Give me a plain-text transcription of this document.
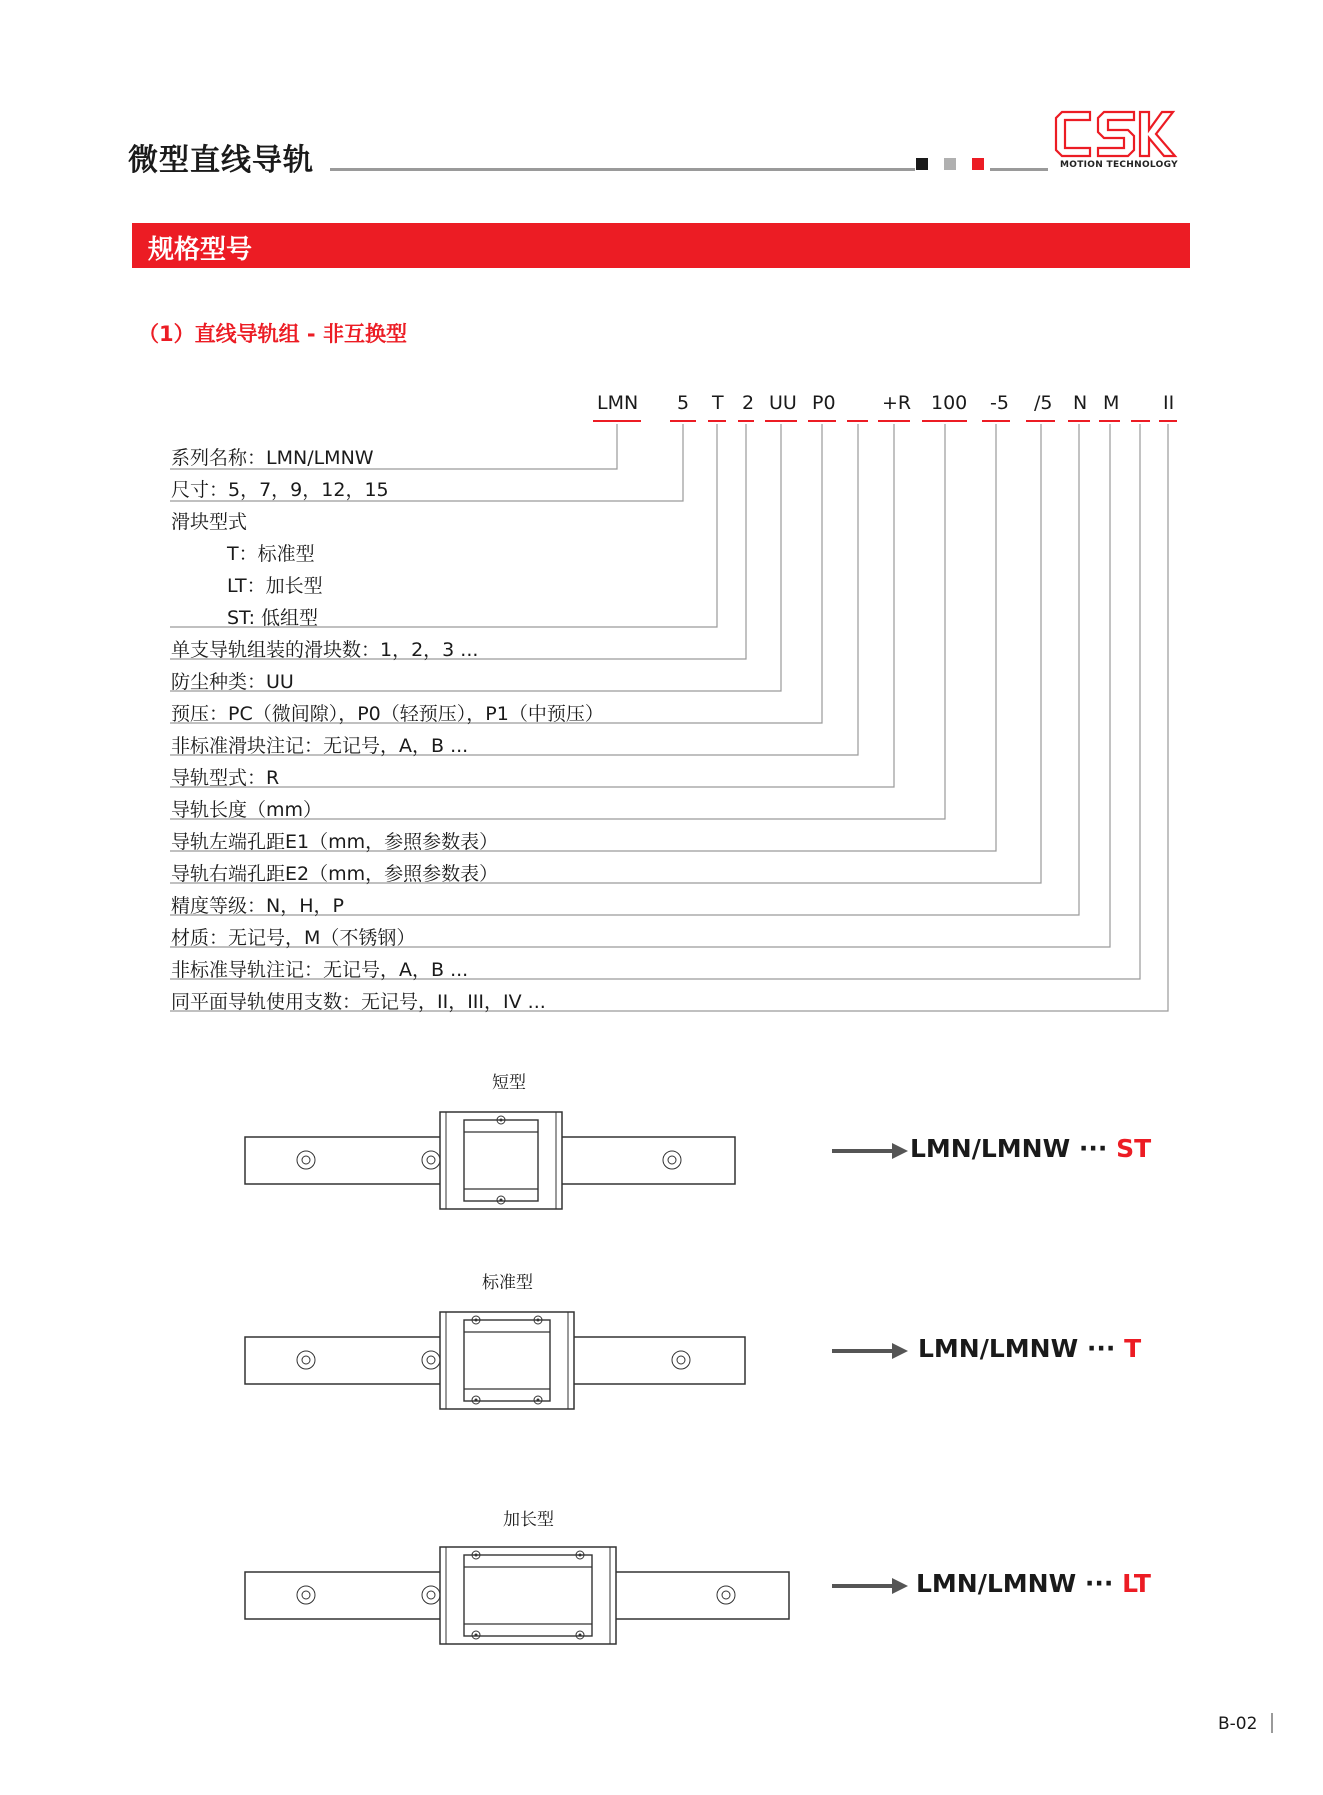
微型直线导轨	MOTION TECHNOLOGY
规格型号
（1）直线导轨组 - 非互换型
LMN 5 T 2 UU P0 +R 100 -5 /5 N M II
系列名称：LMN/LMNW
尺寸：5，7，9，12，15
滑块型式
T：标准型
LT：加长型
ST: 低组型
单支导轨组装的滑块数：1，2，3 ...
防尘种类：UU
预压：PC（微间隙），P0（轻预压），P1（中预压）
非标准滑块注记：无记号，A，B ...
导轨型式：R
导轨长度（mm）
导轨左端孔距E1（mm，参照参数表）
导轨右端孔距E2（mm，参照参数表）
精度等级：N，H，P
材质：无记号，M（不锈钢）
非标准导轨注记：无记号，A，B ...
同平面导轨使用支数：无记号，II，III，IV ...
短型
LMN/LMNW ··· ST
标准型
LMN/LMNW ··· T
加长型
LMN/LMNW ··· LT
B-02
